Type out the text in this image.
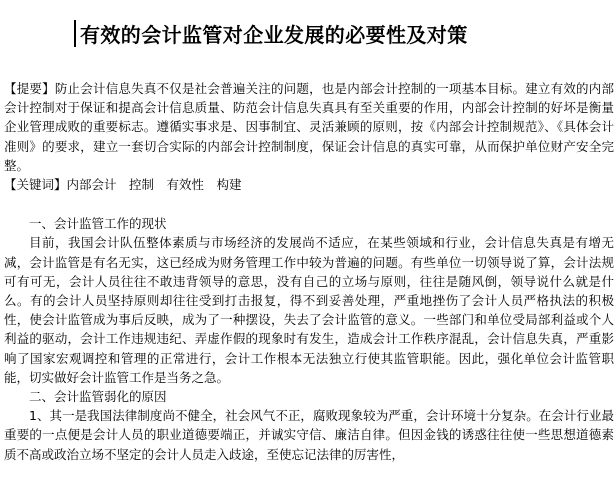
有效的会计监管对企业发展的必要性及对策

【提要】防止会计信息失真不仅是社会普遍关注的问题，也是内部会计控制的一项基本目标。建立有效的内部会计控制对于保证和提高会计信息质量、防范会计信息失真具有至关重要的作用，内部会计控制的好坏是衡量企业管理成败的重要标志。遵循实事求是、因事制宜、灵活兼顾的原则，按《内部会计控制规范》、《具体会计准则》的要求，建立一套切合实际的内部会计控制制度，保证会计信息的真实可靠，从而保护单位财产安全完整。

【关键词】内部会计　控制　有效性　构建

一、会计监管工作的现状

目前，我国会计队伍整体素质与市场经济的发展尚不适应，在某些领域和行业，会计信息失真是有增无减，会计监管是有名无实，这已经成为财务管理工作中较为普遍的问题。有些单位一切领导说了算，会计法规可有可无，会计人员往往不敢违背领导的意思，没有自己的立场与原则，往往是随风倒，领导说什么就是什么。有的会计人员坚持原则却往往受到打击报复，得不到妥善处理，严重地挫伤了会计人员严格执法的积极性，使会计监管成为事后反映，成为了一种摆设，失去了会计监管的意义。一些部门和单位受局部利益或个人利益的驱动，会计工作违规违纪、弄虚作假的现象时有发生，造成会计工作秩序混乱，会计信息失真，严重影响了国家宏观调控和管理的正常进行，会计工作根本无法独立行使其监管职能。因此，强化单位会计监管职能，切实做好会计监管工作是当务之急。

二、会计监管弱化的原因

1、其一是我国法律制度尚不健全，社会风气不正，腐败现象较为严重，会计环境十分复杂。在会计行业最重要的一点便是会计人员的职业道德要端正，并诚实守信、廉洁自律。但因金钱的诱惑往往使一些思想道德素质不高或政治立场不坚定的会计人员走入歧途，至使忘记法律的厉害性，
